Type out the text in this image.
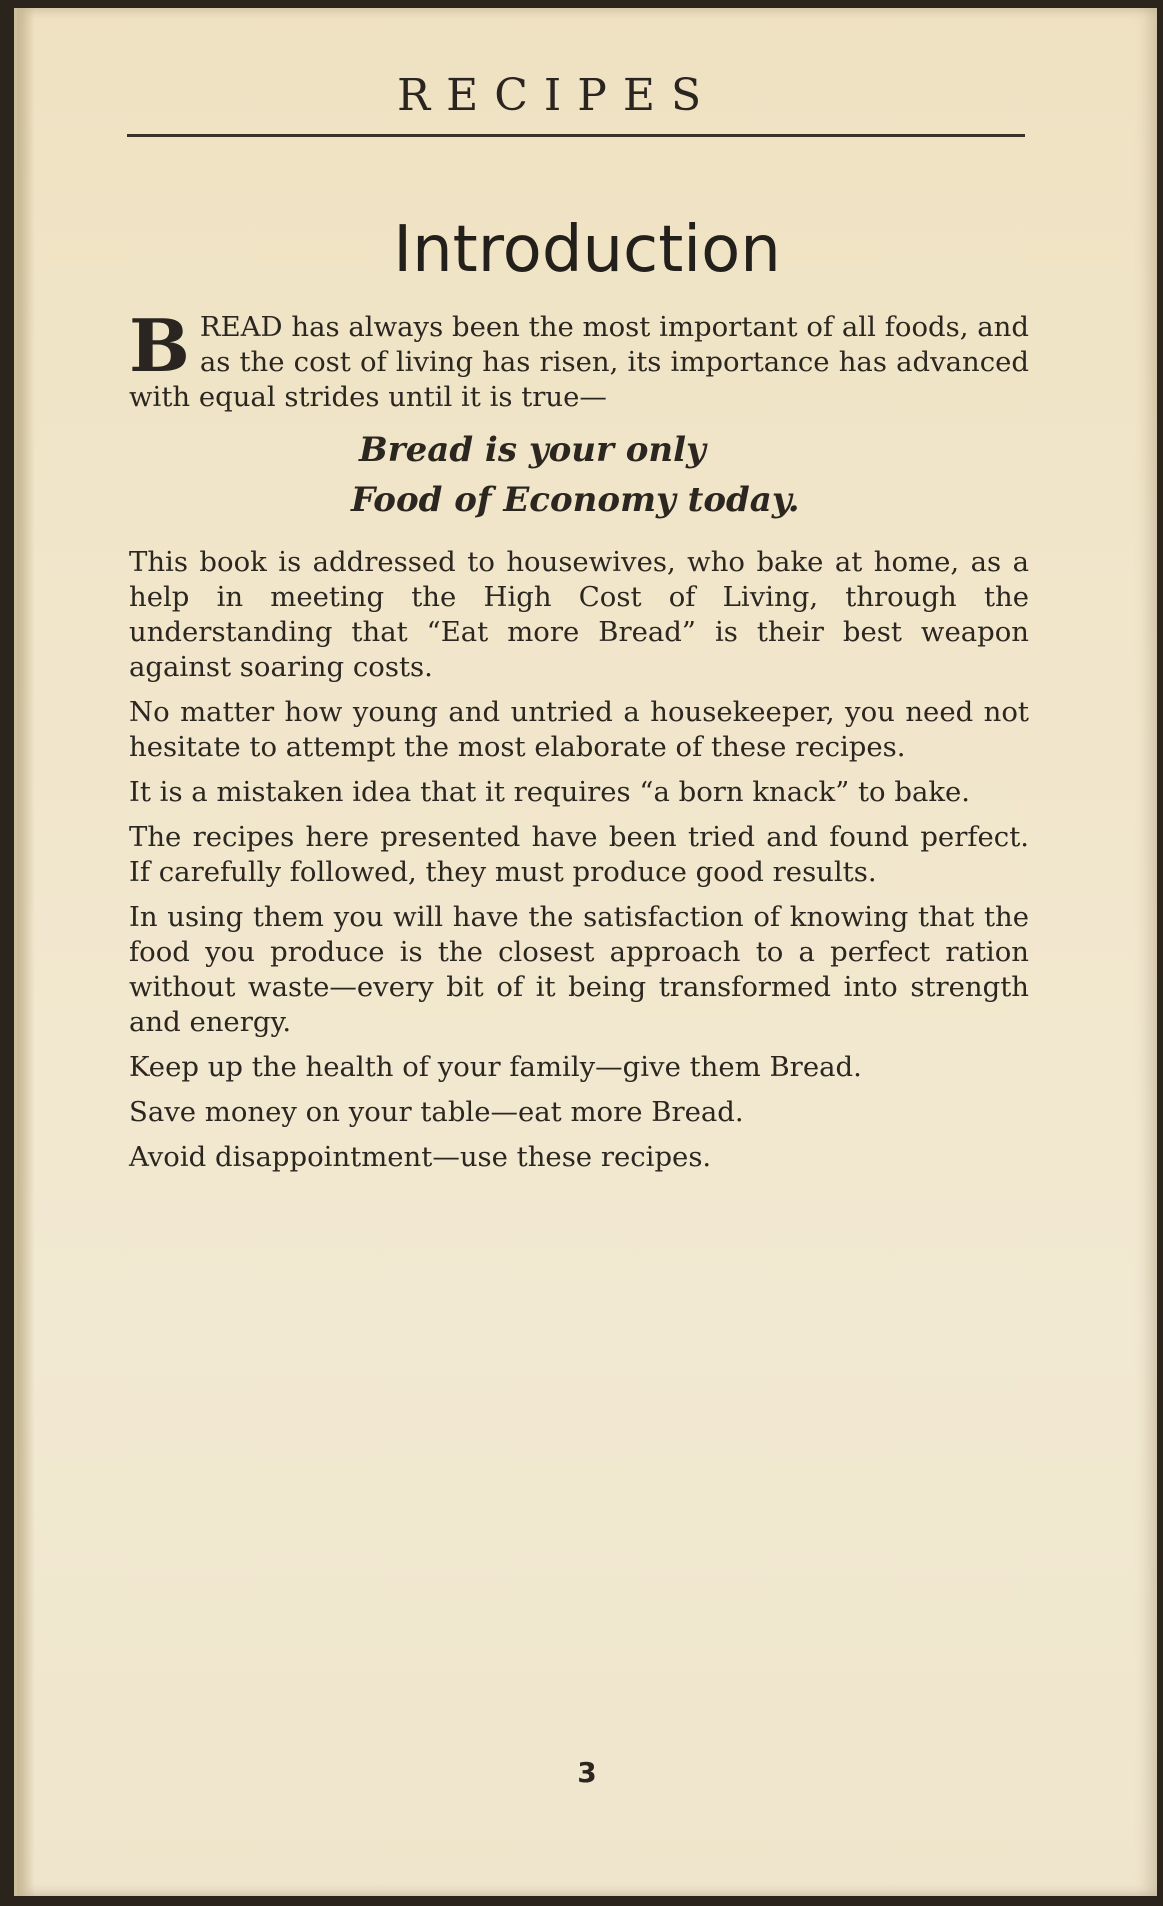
RECIPES
Introduction

BREAD has always been the most important of all foods, and as the cost of living has risen, its importance has advanced with equal strides until it is true—

Bread is your only
Food of Economy today.

This book is addressed to housewives, who bake at home, as a help in meeting the High Cost of Living, through the understanding that “Eat more Bread” is their best weapon against soaring costs.

No matter how young and untried a housekeeper, you need not hesitate to attempt the most elaborate of these recipes.

It is a mistaken idea that it requires “a born knack” to bake.

The recipes here presented have been tried and found perfect. If carefully followed, they must produce good results.

In using them you will have the satisfaction of knowing that the food you produce is the closest approach to a perfect ration without waste—every bit of it being transformed into strength and energy.

Keep up the health of your family—give them Bread.

Save money on your table—eat more Bread.

Avoid disappointment—use these recipes.

3
